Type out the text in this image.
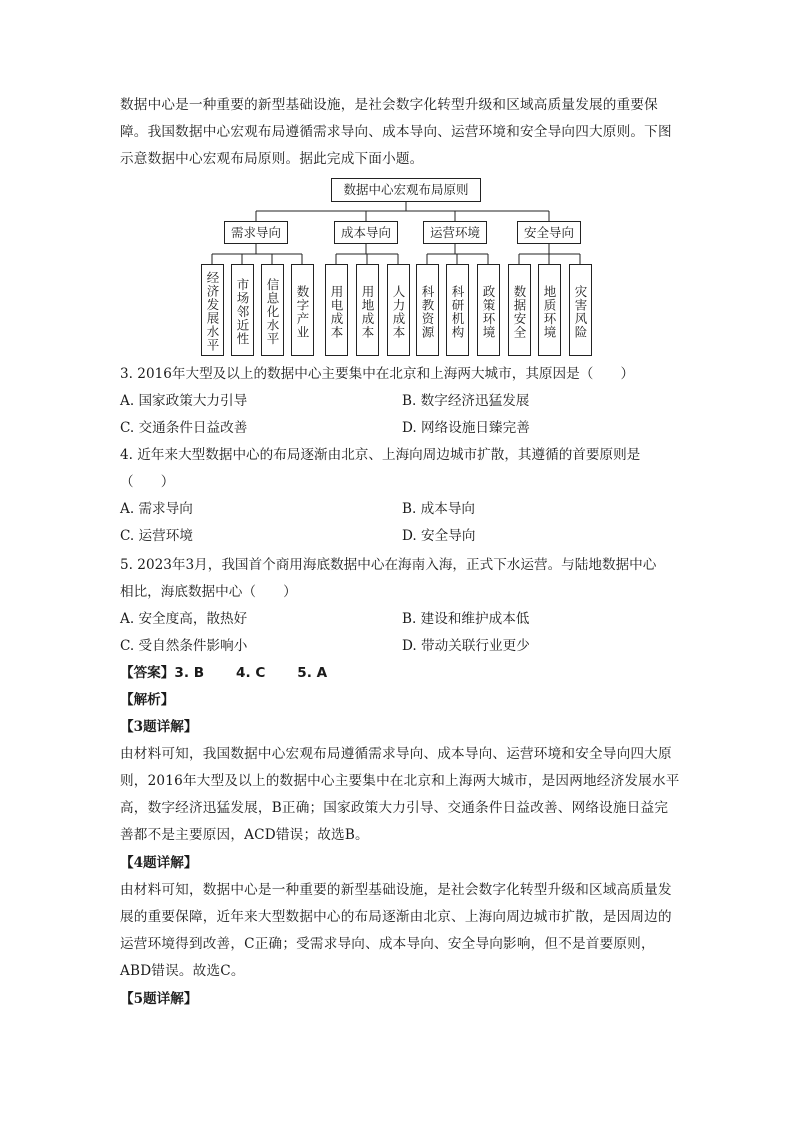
数据中心是一种重要的新型基础设施，是社会数字化转型升级和区域高质量发展的重要保障。我国数据中心宏观布局遵循需求导向、成本导向、运营环境和安全导向四大原则。下图示意数据中心宏观布局原则。据此完成下面小题。
数据中心宏观布局原则
需求导向	成本导向	运营环境	安全导向
经济发展水平	市场邻近性	信息化水平	数字产业	用电成本	用地成本	人力成本	科教资源	科研机构	政策环境	数据安全	地质环境	灾害风险
3. 2016年大型及以上的数据中心主要集中在北京和上海两大城市，其原因是（　　）
A. 国家政策大力引导	B. 数字经济迅猛发展
C. 交通条件日益改善	D. 网络设施日臻完善
4. 近年来大型数据中心的布局逐渐由北京、上海向周边城市扩散，其遵循的首要原则是
（　　）
A. 需求导向	B. 成本导向
C. 运营环境	D. 安全导向
5. 2023年3月，我国首个商用海底数据中心在海南入海，正式下水运营。与陆地数据中心
相比，海底数据中心（　　）
A. 安全度高，散热好	B. 建设和维护成本低
C. 受自然条件影响小	D. 带动关联行业更少
【答案】3. B　　 4. C　　 5. A
【解析】
【3题详解】
由材料可知，我国数据中心宏观布局遵循需求导向、成本导向、运营环境和安全导向四大原则，2016年大型及以上的数据中心主要集中在北京和上海两大城市，是因两地经济发展水平高，数字经济迅猛发展，B正确；国家政策大力引导、交通条件日益改善、网络设施日益完善都不是主要原因，ACD错误；故选B。
【4题详解】
由材料可知，数据中心是一种重要的新型基础设施，是社会数字化转型升级和区域高质量发展的重要保障，近年来大型数据中心的布局逐渐由北京、上海向周边城市扩散，是因周边的运营环境得到改善，C正确；受需求导向、成本导向、安全导向影响，但不是首要原则，ABD错误。故选C。
【5题详解】
